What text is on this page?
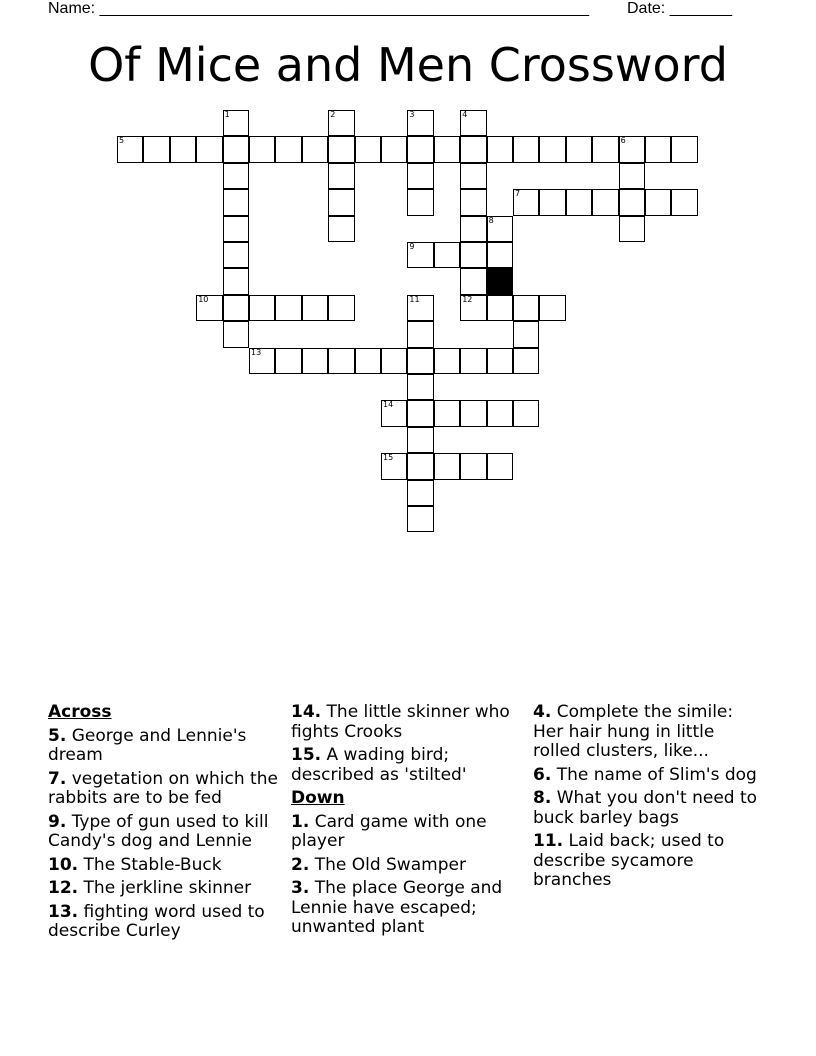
Name: _______________________________________________________ Date: _______
Of Mice and Men Crossword
1	2	3	4
5	6
7
8
9
10	11	12
13
14
15
Across
5. George and Lennie's dream
7. vegetation on which the rabbits are to be fed
9. Type of gun used to kill Candy's dog and Lennie
10. The Stable-Buck
12. The jerkline skinner
13. fighting word used to describe Curley
14. The little skinner who fights Crooks
15. A wading bird; described as 'stilted'
Down
1. Card game with one player
2. The Old Swamper
3. The place George and Lennie have escaped; unwanted plant
4. Complete the simile: Her hair hung in little rolled clusters, like...
6. The name of Slim's dog
8. What you don't need to buck barley bags
11. Laid back; used to describe sycamore branches
